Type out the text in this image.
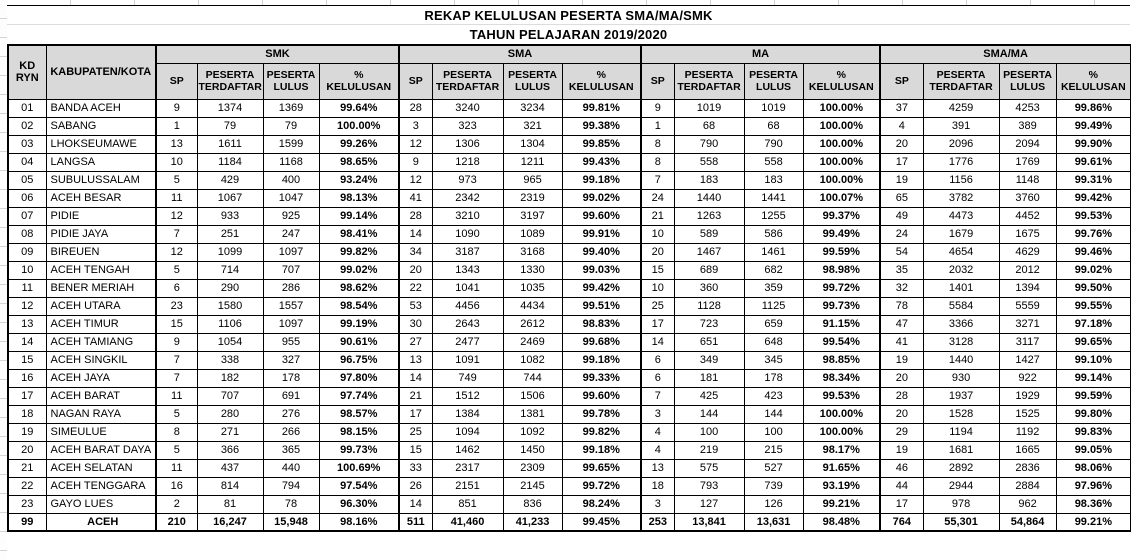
REKAP KELULUSAN PESERTA SMA/MA/SMK
TAHUN PELAJARAN 2019/2020
KD RYN	KABUPATEN/KOTA	SMK				SMA				MA				SMA/MA			
		SP	PESERTA TERDAFTAR	PESERTA LULUS	% KELULUSAN	SP	PESERTA TERDAFTAR	PESERTA LULUS	% KELULUSAN	SP	PESERTA TERDAFTAR	PESERTA LULUS	% KELULUSAN	SP	PESERTA TERDAFTAR	PESERTA LULUS	% KELULUSAN
01	BANDA ACEH	9	1374	1369	99.64%	28	3240	3234	99.81%	9	1019	1019	100.00%	37	4259	4253	99.86%
02	SABANG	1	79	79	100.00%	3	323	321	99.38%	1	68	68	100.00%	4	391	389	99.49%
03	LHOKSEUMAWE	13	1611	1599	99.26%	12	1306	1304	99.85%	8	790	790	100.00%	20	2096	2094	99.90%
04	LANGSA	10	1184	1168	98.65%	9	1218	1211	99.43%	8	558	558	100.00%	17	1776	1769	99.61%
05	SUBULUSSALAM	5	429	400	93.24%	12	973	965	99.18%	7	183	183	100.00%	19	1156	1148	99.31%
06	ACEH BESAR	11	1067	1047	98.13%	41	2342	2319	99.02%	24	1440	1441	100.07%	65	3782	3760	99.42%
07	PIDIE	12	933	925	99.14%	28	3210	3197	99.60%	21	1263	1255	99.37%	49	4473	4452	99.53%
08	PIDIE JAYA	7	251	247	98.41%	14	1090	1089	99.91%	10	589	586	99.49%	24	1679	1675	99.76%
09	BIREUEN	12	1099	1097	99.82%	34	3187	3168	99.40%	20	1467	1461	99.59%	54	4654	4629	99.46%
10	ACEH TENGAH	5	714	707	99.02%	20	1343	1330	99.03%	15	689	682	98.98%	35	2032	2012	99.02%
11	BENER MERIAH	6	290	286	98.62%	22	1041	1035	99.42%	10	360	359	99.72%	32	1401	1394	99.50%
12	ACEH UTARA	23	1580	1557	98.54%	53	4456	4434	99.51%	25	1128	1125	99.73%	78	5584	5559	99.55%
13	ACEH TIMUR	15	1106	1097	99.19%	30	2643	2612	98.83%	17	723	659	91.15%	47	3366	3271	97.18%
14	ACEH TAMIANG	9	1054	955	90.61%	27	2477	2469	99.68%	14	651	648	99.54%	41	3128	3117	99.65%
15	ACEH SINGKIL	7	338	327	96.75%	13	1091	1082	99.18%	6	349	345	98.85%	19	1440	1427	99.10%
16	ACEH JAYA	7	182	178	97.80%	14	749	744	99.33%	6	181	178	98.34%	20	930	922	99.14%
17	ACEH BARAT	11	707	691	97.74%	21	1512	1506	99.60%	7	425	423	99.53%	28	1937	1929	99.59%
18	NAGAN RAYA	5	280	276	98.57%	17	1384	1381	99.78%	3	144	144	100.00%	20	1528	1525	99.80%
19	SIMEULUE	8	271	266	98.15%	25	1094	1092	99.82%	4	100	100	100.00%	29	1194	1192	99.83%
20	ACEH BARAT DAYA	5	366	365	99.73%	15	1462	1450	99.18%	4	219	215	98.17%	19	1681	1665	99.05%
21	ACEH SELATAN	11	437	440	100.69%	33	2317	2309	99.65%	13	575	527	91.65%	46	2892	2836	98.06%
22	ACEH TENGGARA	16	814	794	97.54%	26	2151	2145	99.72%	18	793	739	93.19%	44	2944	2884	97.96%
23	GAYO LUES	2	81	78	96.30%	14	851	836	98.24%	3	127	126	99.21%	17	978	962	98.36%
99	ACEH	210	16,247	15,948	98.16%	511	41,460	41,233	99.45%	253	13,841	13,631	98.48%	764	55,301	54,864	99.21%
